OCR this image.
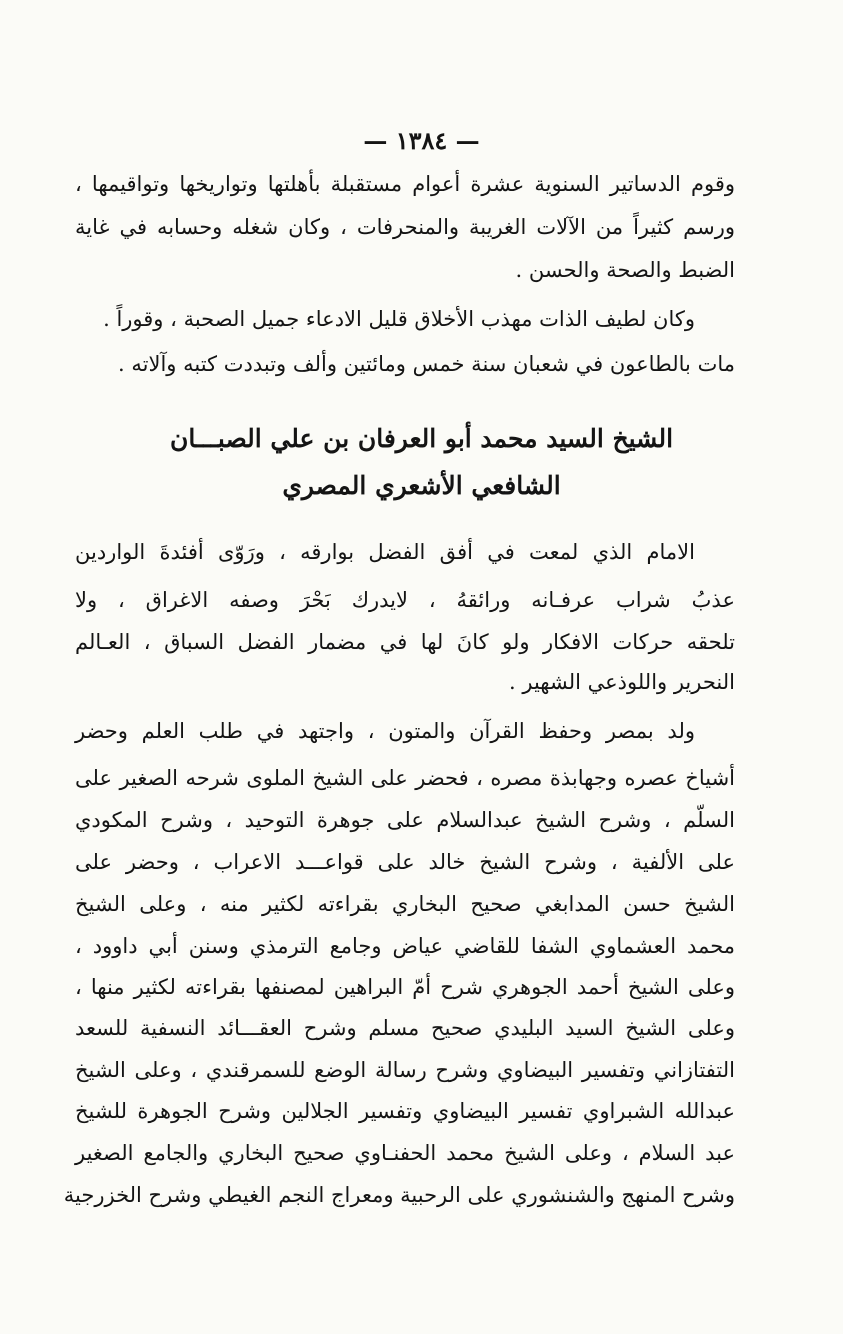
— ١٣٨٤ —
وقوم الدساتير السنوية عشرة أعوام مستقبلة بأهلتها وتواريخها وتواقيمها ،
ورسم كثيراً من الآلات الغريبة والمنحرفات ، وكان شغله وحسابه في غاية
الضبط والصحة والحسن .
وكان لطيف الذات مهذب الأخلاق قليل الادعاء جميل الصحبة ، وقوراً .
مات بالطاعون في شعبان سنة خمس ومائتين وألف وتبددت كتبه وآلاته .
الشيخ السيد محمد أبو العرفان بن علي الصبـــان
الشافعي الأشعري المصري
الامام الذي لمعت في أفق الفضل بوارقه ، ورَوّى أفئدةَ الواردين
عذبُ شراب عرفـانه ورائقهُ ، لايدرك بَحْرَ وصفه الاغراق ، ولا
تلحقه حركات الافكار ولو كانَ لها في مضمار الفضل السباق ، العـالم
النحرير واللوذعي الشهير .
ولد بمصر وحفظ القرآن والمتون ، واجتهد في طلب العلم وحضر
أشياخ عصره وجهابذة مصره ، فحضر على الشيخ الملوى شرحه الصغير على
السلّم ، وشرح الشيخ عبدالسلام على جوهرة التوحيد ، وشرح المكودي
على الألفية ، وشرح الشيخ خالد على قواعـــد الاعراب ، وحضر على
الشيخ حسن المدابغي صحيح البخاري بقراءته لكثير منه ، وعلى الشيخ
محمد العشماوي الشفا للقاضي عياض وجامع الترمذي وسنن أبي داوود ،
وعلى الشيخ أحمد الجوهري شرح أمّ البراهين لمصنفها بقراءته لكثير منها ،
وعلى الشيخ السيد البليدي صحيح مسلم وشرح العقـــائد النسفية للسعد
التفتازاني وتفسير البيضاوي وشرح رسالة الوضع للسمرقندي ، وعلى الشيخ
عبدالله الشبراوي تفسير البيضاوي وتفسير الجلالين وشرح الجوهرة للشيخ
عبد السلام ، وعلى الشيخ محمد الحفنـاوي صحيح البخاري والجامع الصغير
وشرح المنهج والشنشوري على الرحبية ومعراج النجم الغيطي وشرح الخزرجية
